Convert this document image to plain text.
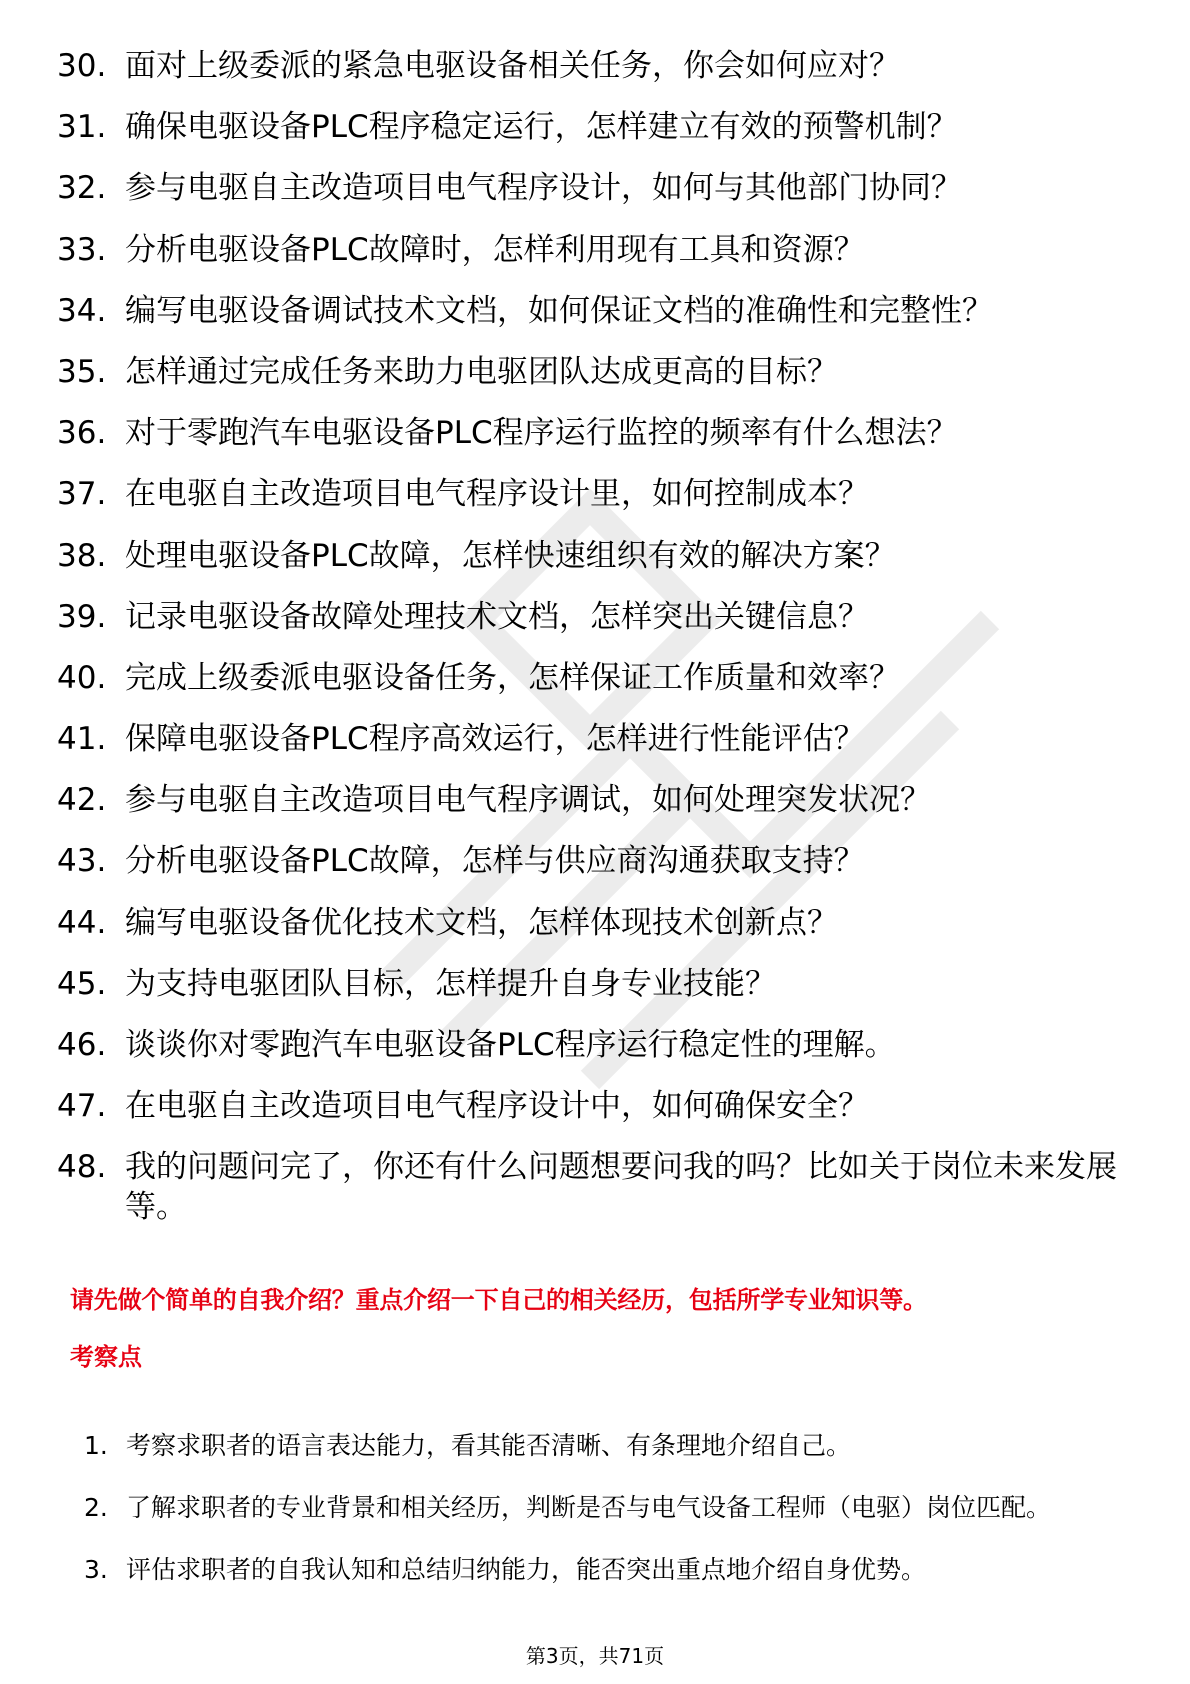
30. 面对上级委派的紧急电驱设备相关任务，你会如何应对？
31. 确保电驱设备PLC程序稳定运行，怎样建立有效的预警机制？
32. 参与电驱自主改造项目电气程序设计，如何与其他部门协同？
33. 分析电驱设备PLC故障时，怎样利用现有工具和资源？
34. 编写电驱设备调试技术文档，如何保证文档的准确性和完整性？
35. 怎样通过完成任务来助力电驱团队达成更高的目标？
36. 对于零跑汽车电驱设备PLC程序运行监控的频率有什么想法？
37. 在电驱自主改造项目电气程序设计里，如何控制成本？
38. 处理电驱设备PLC故障，怎样快速组织有效的解决方案？
39. 记录电驱设备故障处理技术文档，怎样突出关键信息？
40. 完成上级委派电驱设备任务，怎样保证工作质量和效率？
41. 保障电驱设备PLC程序高效运行，怎样进行性能评估？
42. 参与电驱自主改造项目电气程序调试，如何处理突发状况？
43. 分析电驱设备PLC故障，怎样与供应商沟通获取支持？
44. 编写电驱设备优化技术文档，怎样体现技术创新点？
45. 为支持电驱团队目标，怎样提升自身专业技能？
46. 谈谈你对零跑汽车电驱设备PLC程序运行稳定性的理解。
47. 在电驱自主改造项目电气程序设计中，如何确保安全？
48. 我的问题问完了，你还有什么问题想要问我的吗？比如关于岗位未来发展等。
请先做个简单的自我介绍？重点介绍一下自己的相关经历，包括所学专业知识等。
考察点
1. 考察求职者的语言表达能力，看其能否清晰、有条理地介绍自己。
2. 了解求职者的专业背景和相关经历，判断是否与电气设备工程师（电驱）岗位匹配。
3. 评估求职者的自我认知和总结归纳能力，能否突出重点地介绍自身优势。
第3页，共71页
